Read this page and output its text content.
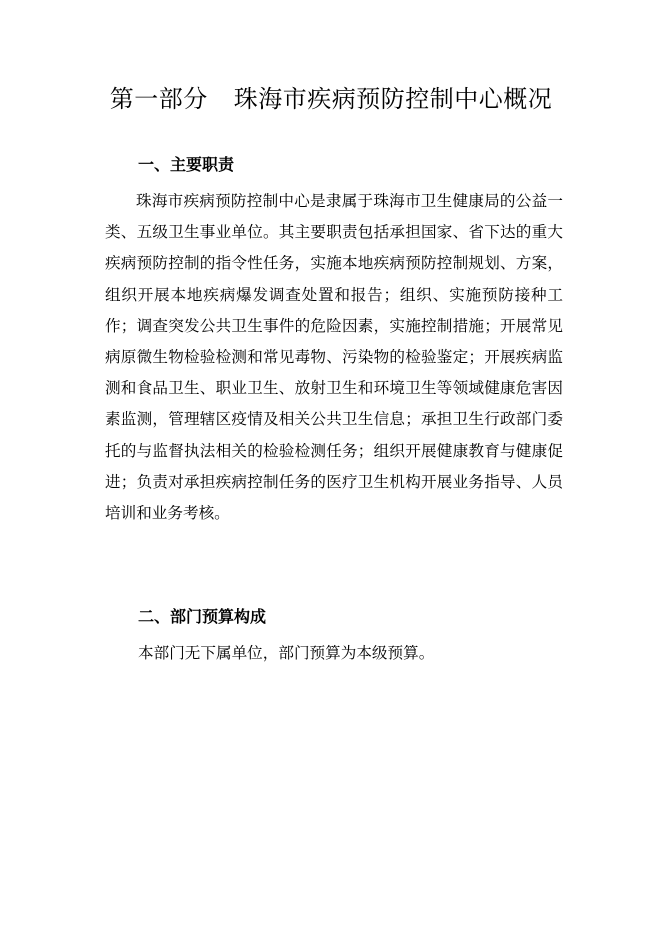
第一部分 珠海市疾病预防控制中心概况
一、主要职责

珠海市疾病预防控制中心是隶属于珠海市卫生健康局的公益一类、五级卫生事业单位。其主要职责包括承担国家、省下达的重大疾病预防控制的指令性任务，实施本地疾病预防控制规划、方案，组织开展本地疾病爆发调查处置和报告；组织、实施预防接种工作；调查突发公共卫生事件的危险因素，实施控制措施；开展常见病原微生物检验检测和常见毒物、污染物的检验鉴定；开展疾病监测和食品卫生、职业卫生、放射卫生和环境卫生等领域健康危害因素监测，管理辖区疫情及相关公共卫生信息；承担卫生行政部门委托的与监督执法相关的检验检测任务；组织开展健康教育与健康促进；负责对承担疾病控制任务的医疗卫生机构开展业务指导、人员培训和业务考核。

二、部门预算构成

本部门无下属单位，部门预算为本级预算。
